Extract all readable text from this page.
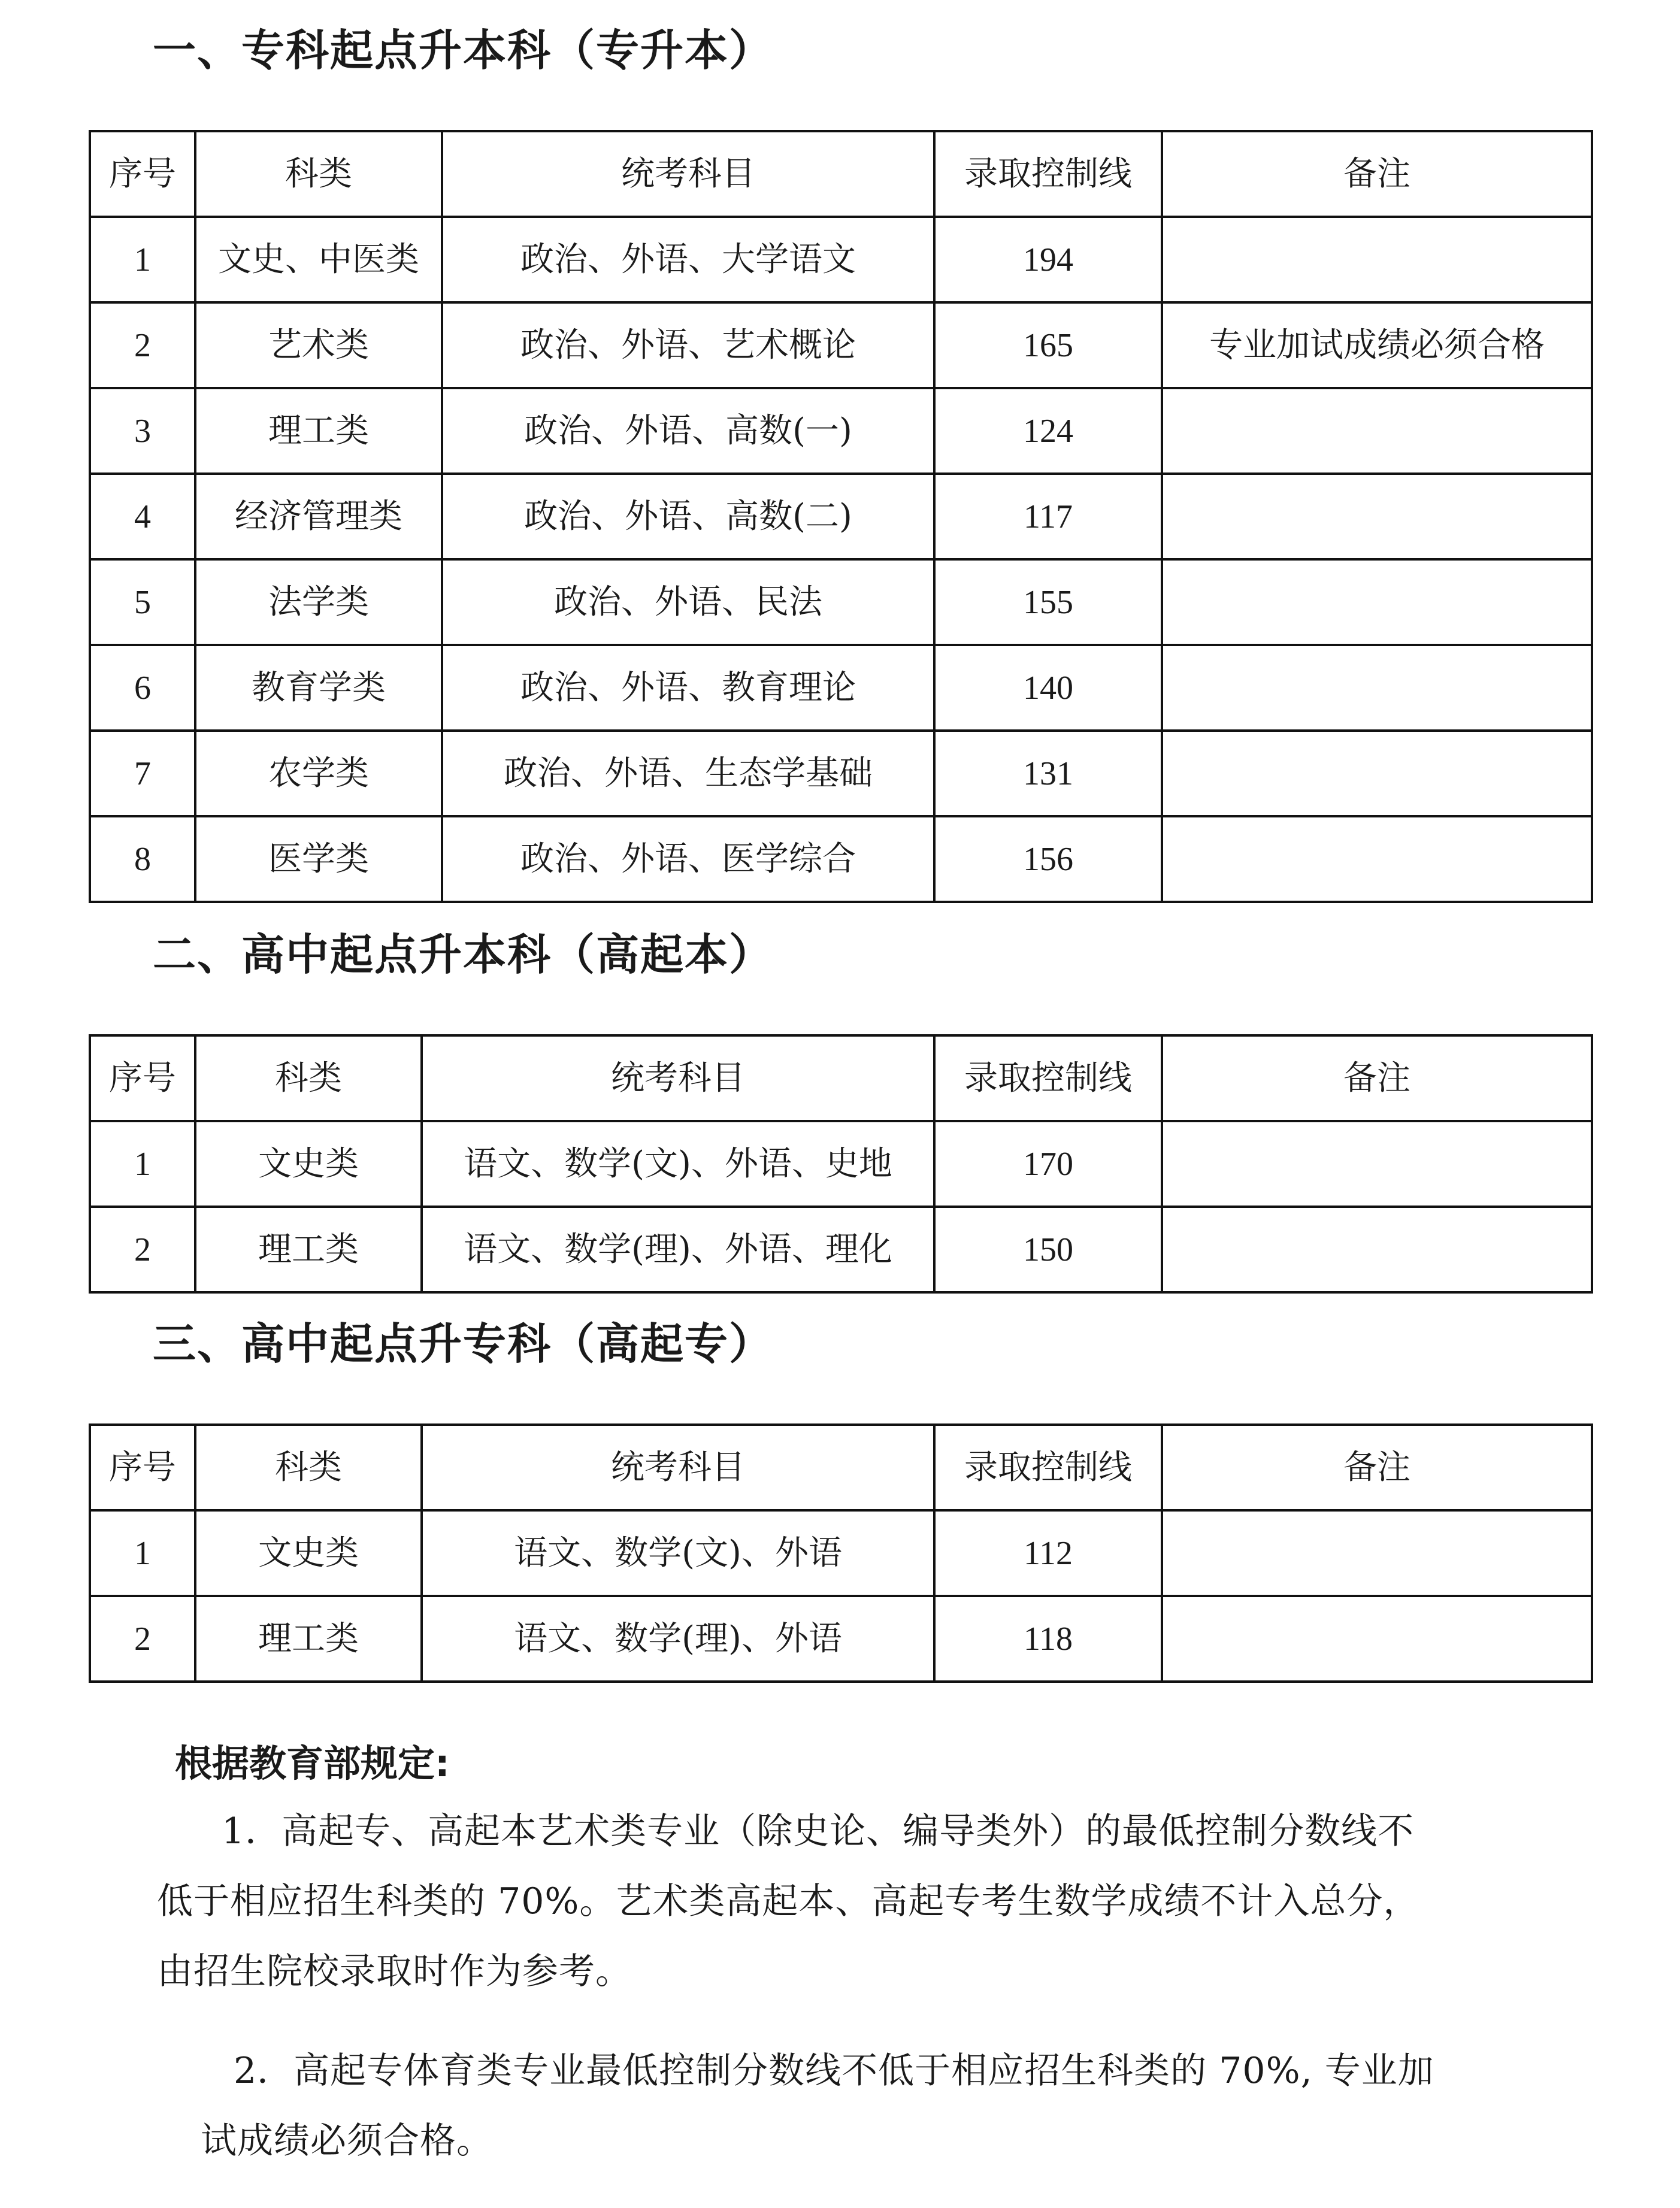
一、专科起点升本科（专升本）
序号	科类	统考科目	录取控制线	备注
1	文史、中医类	政治、外语、大学语文	194	
2	艺术类	政治、外语、艺术概论	165	专业加试成绩必须合格
3	理工类	政治、外语、高数(一)	124	
4	经济管理类	政治、外语、高数(二)	117	
5	法学类	政治、外语、民法	155	
6	教育学类	政治、外语、教育理论	140	
7	农学类	政治、外语、生态学基础	131	
8	医学类	政治、外语、医学综合	156	
二、高中起点升本科（高起本）
序号	科类	统考科目	录取控制线	备注
1	文史类	语文、数学(文)、外语、史地	170	
2	理工类	语文、数学(理)、外语、理化	150	
三、高中起点升专科（高起专）
序号	科类	统考科目	录取控制线	备注
1	文史类	语文、数学(文)、外语	112	
2	理工类	语文、数学(理)、外语	118	
根据教育部规定:
1．高起专、高起本艺术类专业（除史论、编导类外）的最低控制分数线不
低于相应招生科类的 70%。艺术类高起本、高起专考生数学成绩不计入总分，
由招生院校录取时作为参考。
2．高起专体育类专业最低控制分数线不低于相应招生科类的 70%, 专业加
试成绩必须合格。
